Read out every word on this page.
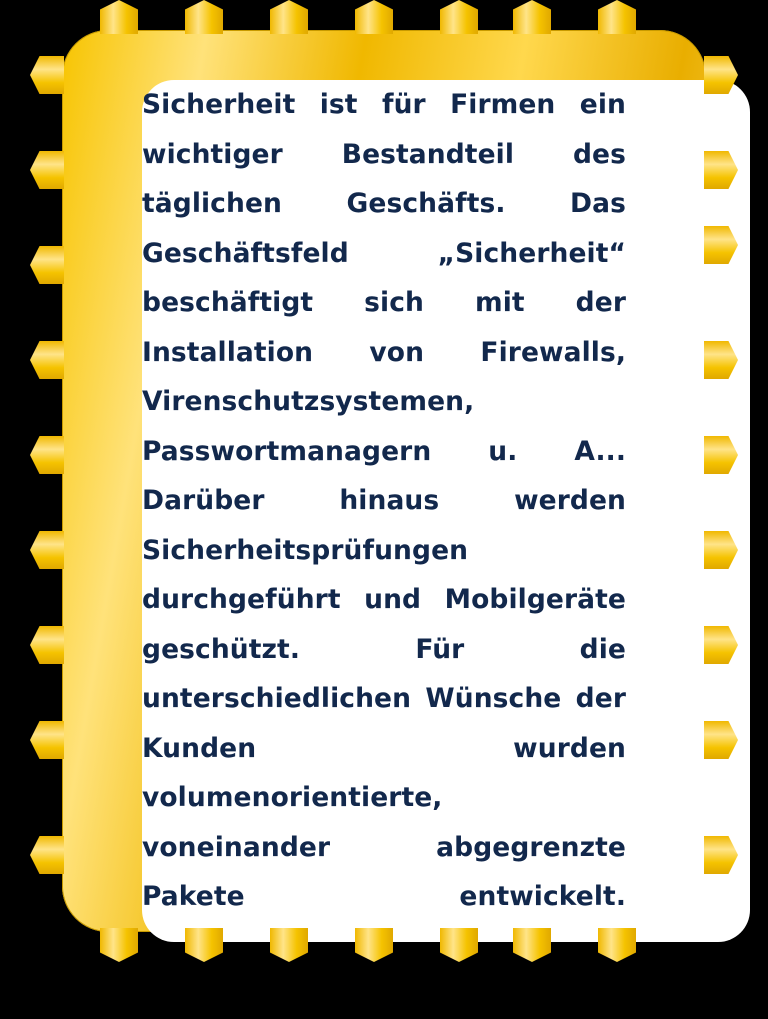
Sicherheit ist für Firmen ein wichtiger Bestandteil des täglichen Geschäfts. Das Geschäftsfeld „Sicherheit“ beschäftigt sich mit der Installation von Firewalls, Virenschutzsystemen, Passwortmanagern u. A... Darüber hinaus werden Sicherheitsprüfungen durchgeführt und Mobilgeräte geschützt. Für die unterschiedlichen Wünsche der Kunden wurden volumenorientierte, voneinander abgegrenzte Pakete entwickelt.
